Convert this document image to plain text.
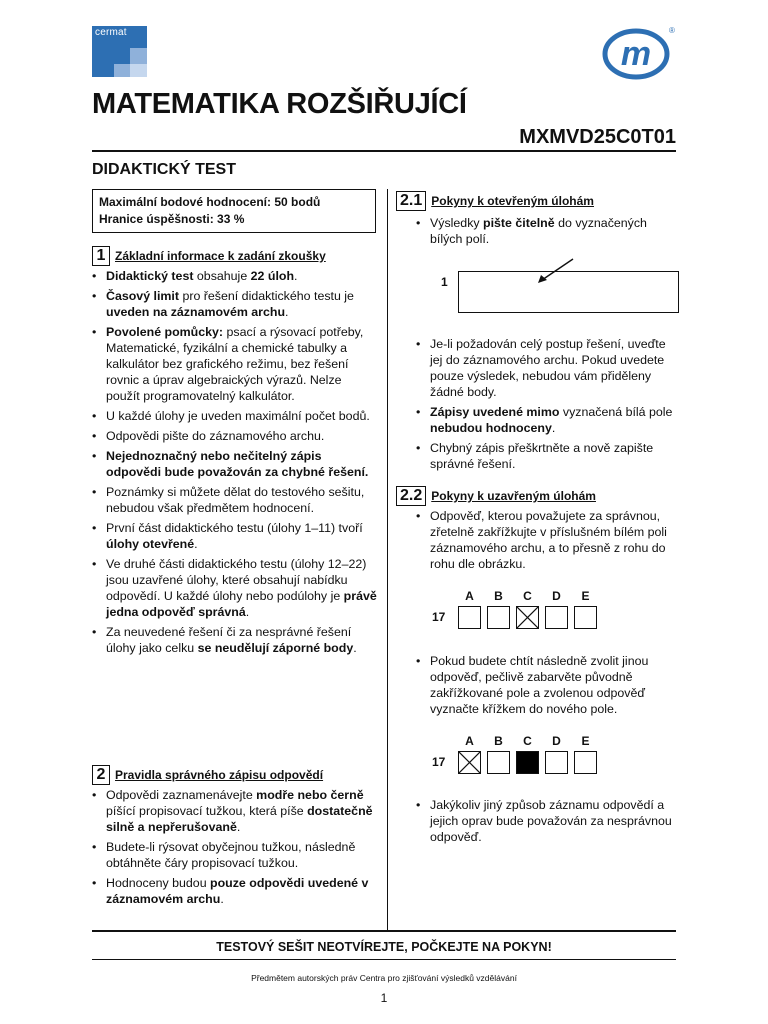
cermat
m
®
MATEMATIKA ROZŠIŘUJÍCÍ
MXMVD25C0T01
DIDAKTICKÝ TEST
Maximální bodové hodnocení: 50 bodů
Hranice úspěšnosti: 33 %
1 Základní informace k zadání zkoušky
• Didaktický test obsahuje 22 úloh.
• Časový limit pro řešení didaktického testu je uveden na záznamovém archu.
• Povolené pomůcky: psací a rýsovací potřeby, Matematické, fyzikální a chemické tabulky a kalkulátor bez grafického režimu, bez řešení rovnic a úprav algebraických výrazů. Nelze použít programovatelný kalkulátor.
• U každé úlohy je uveden maximální počet bodů.
• Odpovědi pište do záznamového archu.
• Nejednoznačný nebo nečitelný zápis odpovědi bude považován za chybné řešení.
• Poznámky si můžete dělat do testového sešitu, nebudou však předmětem hodnocení.
• První část didaktického testu (úlohy 1–11) tvoří úlohy otevřené.
• Ve druhé části didaktického testu (úlohy 12–22) jsou uzavřené úlohy, které obsahují nabídku odpovědí. U každé úlohy nebo podúlohy je právě jedna odpověď správná.
• Za neuvedené řešení či za nesprávné řešení úlohy jako celku se neudělují záporné body.
2 Pravidla správného zápisu odpovědí
• Odpovědi zaznamenávejte modře nebo černě píšící propisovací tužkou, která píše dostatečně silně a nepřerušovaně.
• Budete-li rýsovat obyčejnou tužkou, následně obtáhněte čáry propisovací tužkou.
• Hodnoceny budou pouze odpovědi uvedené v záznamovém archu.
2.1 Pokyny k otevřeným úlohám
• Výsledky pište čitelně do vyznačených bílých polí.
1
• Je-li požadován celý postup řešení, uveďte jej do záznamového archu. Pokud uvedete pouze výsledek, nebudou vám přiděleny žádné body.
• Zápisy uvedené mimo vyznačená bílá pole nebudou hodnoceny.
• Chybný zápis přeškrtněte a nově zapište správné řešení.
2.2 Pokyny k uzavřeným úlohám
• Odpověď, kterou považujete za správnou, zřetelně zakřížkujte v příslušném bílém poli záznamového archu, a to přesně z rohu do rohu dle obrázku.
A	B	C	D	E
17
• Pokud budete chtít následně zvolit jinou odpověď, pečlivě zabarvěte původně zakřížkované pole a zvolenou odpověď vyznačte křížkem do nového pole.
A	B	C	D	E
17
• Jakýkoliv jiný způsob záznamu odpovědí a jejich oprav bude považován za nesprávnou odpověď.
TESTOVÝ SEŠIT NEOTVÍREJTE, POČKEJTE NA POKYN!
Předmětem autorských práv Centra pro zjišťování výsledků vzdělávání
1
